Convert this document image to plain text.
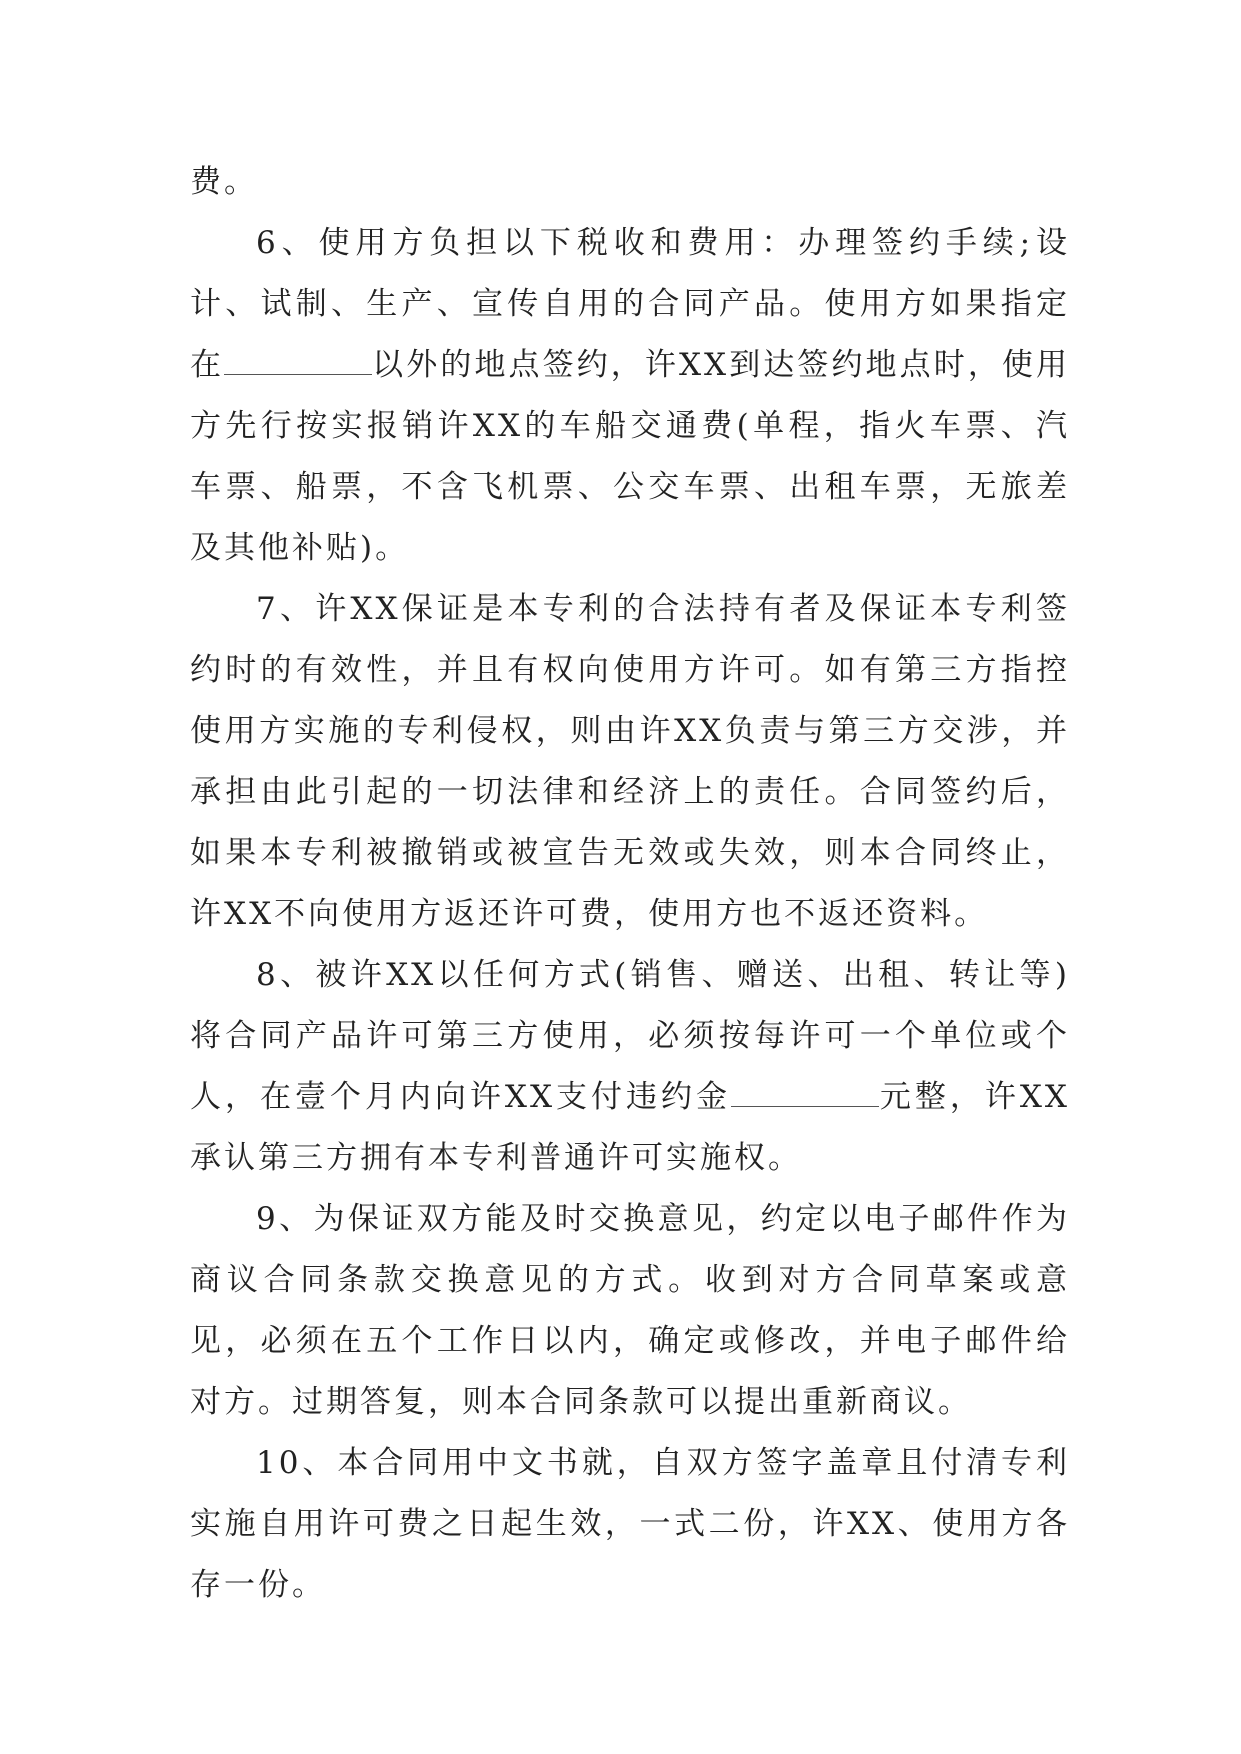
费。

6、使用方负担以下税收和费用：办理签约手续;设计、试制、生产、宣传自用的合同产品。使用方如果指定在	以外的地点签约，许XX到达签约地点时，使用方先行按实报销许XX的车船交通费(单程，指火车票、汽车票、船票，不含飞机票、公交车票、出租车票，无旅差及其他补贴)。

7、许XX保证是本专利的合法持有者及保证本专利签约时的有效性，并且有权向使用方许可。如有第三方指控使用方实施的专利侵权，则由许XX负责与第三方交涉，并承担由此引起的一切法律和经济上的责任。合同签约后，如果本专利被撤销或被宣告无效或失效，则本合同终止，许XX不向使用方返还许可费，使用方也不返还资料。

8、被许XX以任何方式(销售、赠送、出租、转让等)将合同产品许可第三方使用，必须按每许可一个单位或个人，在壹个月内向许XX支付违约金	元整，许XX承认第三方拥有本专利普通许可实施权。

9、为保证双方能及时交换意见，约定以电子邮件作为商议合同条款交换意见的方式。收到对方合同草案或意见，必须在五个工作日以内，确定或修改，并电子邮件给对方。过期答复，则本合同条款可以提出重新商议。

10、本合同用中文书就，自双方签字盖章且付清专利实施自用许可费之日起生效，一式二份，许XX、使用方各存一份。
